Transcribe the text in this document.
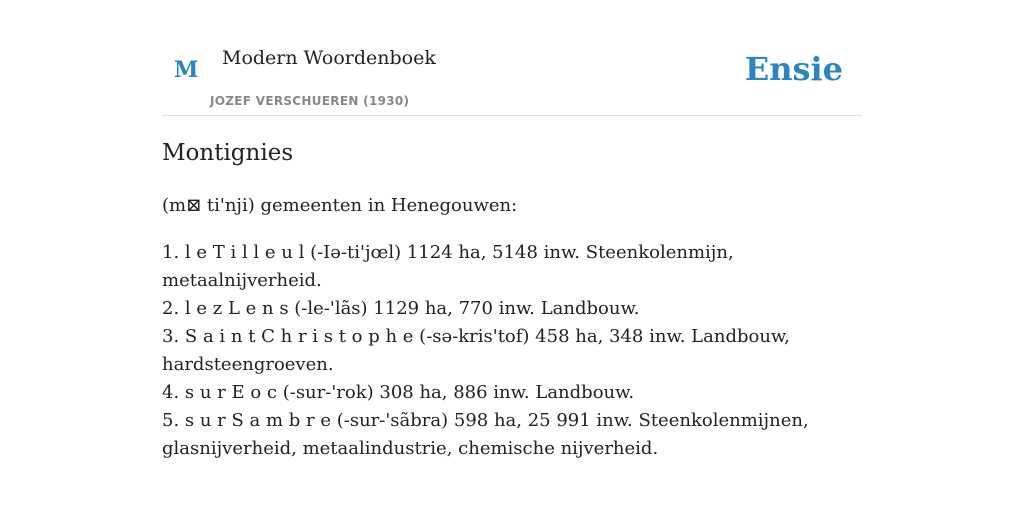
M Modern Woordenboek
JOZEF VERSCHUEREN (1930)
Ensie
Montignies

(m⊠ ti'nji) gemeenten in Henegouwen:

1. l e T i l l e u l (-Iə-ti'jœl) 1124 ha, 5148 inw. Steenkolenmijn, metaalnijverheid.
2. l e z L e n s (-le-'lãs) 1129 ha, 770 inw. Landbouw.
3. S a i n t C h r i s t o p h e (-sə-kris'tof) 458 ha, 348 inw. Landbouw, hardsteengroeven.
4. s u r E o c (-sur-'rok) 308 ha, 886 inw. Landbouw.
5. s u r S a m b r e (-sur-'sãbra) 598 ha, 25 991 inw. Steenkolenmijnen, glasnijverheid, metaalindustrie, chemische nijverheid.
